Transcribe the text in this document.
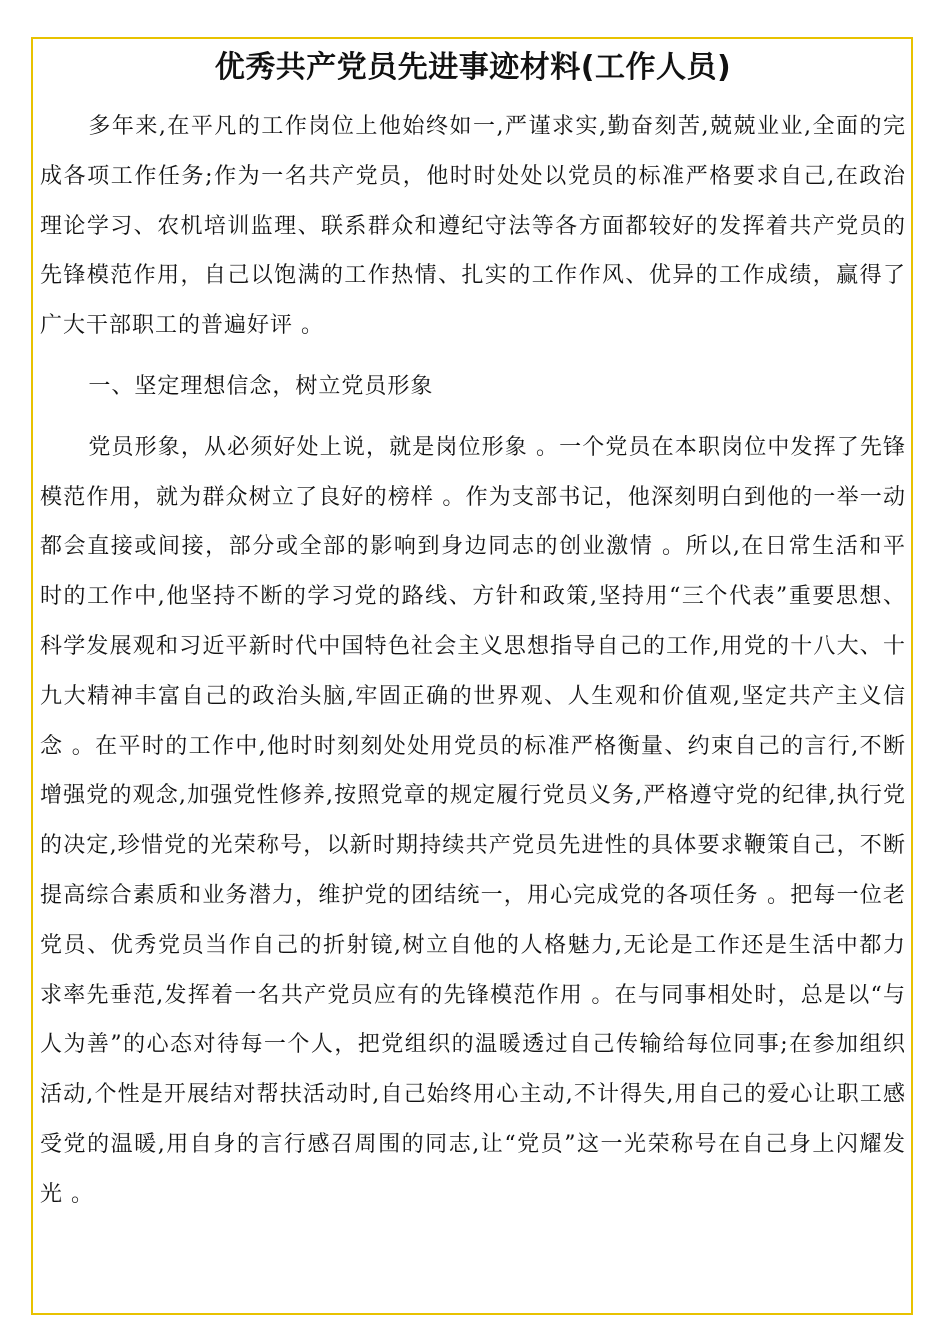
优秀共产党员先进事迹材料(工作人员)

多年来,在平凡的工作岗位上他始终如一,严谨求实,勤奋刻苦,兢兢业业,全面的完成各项工作任务;作为一名共产党员，他时时处处以党员的标准严格要求自己,在政治理论学习、农机培训监理、联系群众和遵纪守法等各方面都较好的发挥着共产党员的先锋模范作用，自己以饱满的工作热情、扎实的工作作风、优异的工作成绩，赢得了广大干部职工的普遍好评 。

一、坚定理想信念，树立党员形象

党员形象，从必须好处上说，就是岗位形象 。一个党员在本职岗位中发挥了先锋模范作用，就为群众树立了良好的榜样 。作为支部书记，他深刻明白到他的一举一动都会直接或间接，部分或全部的影响到身边同志的创业激情 。所以,在日常生活和平时的工作中,他坚持不断的学习党的路线、方针和政策,坚持用“三个代表”重要思想、科学发展观和习近平新时代中国特色社会主义思想指导自己的工作,用党的十八大、十九大精神丰富自己的政治头脑,牢固正确的世界观、人生观和价值观,坚定共产主义信念 。在平时的工作中,他时时刻刻处处用党员的标准严格衡量、约束自己的言行,不断增强党的观念,加强党性修养,按照党章的规定履行党员义务,严格遵守党的纪律,执行党的决定,珍惜党的光荣称号，以新时期持续共产党员先进性的具体要求鞭策自己，不断提高综合素质和业务潜力，维护党的团结统一，用心完成党的各项任务 。把每一位老党员、优秀党员当作自己的折射镜,树立自他的人格魅力,无论是工作还是生活中都力求率先垂范,发挥着一名共产党员应有的先锋模范作用 。在与同事相处时，总是以“与人为善”的心态对待每一个人，把党组织的温暖透过自己传输给每位同事;在参加组织活动,个性是开展结对帮扶活动时,自己始终用心主动,不计得失,用自己的爱心让职工感受党的温暖,用自身的言行感召周围的同志,让“党员”这一光荣称号在自己身上闪耀发光 。
